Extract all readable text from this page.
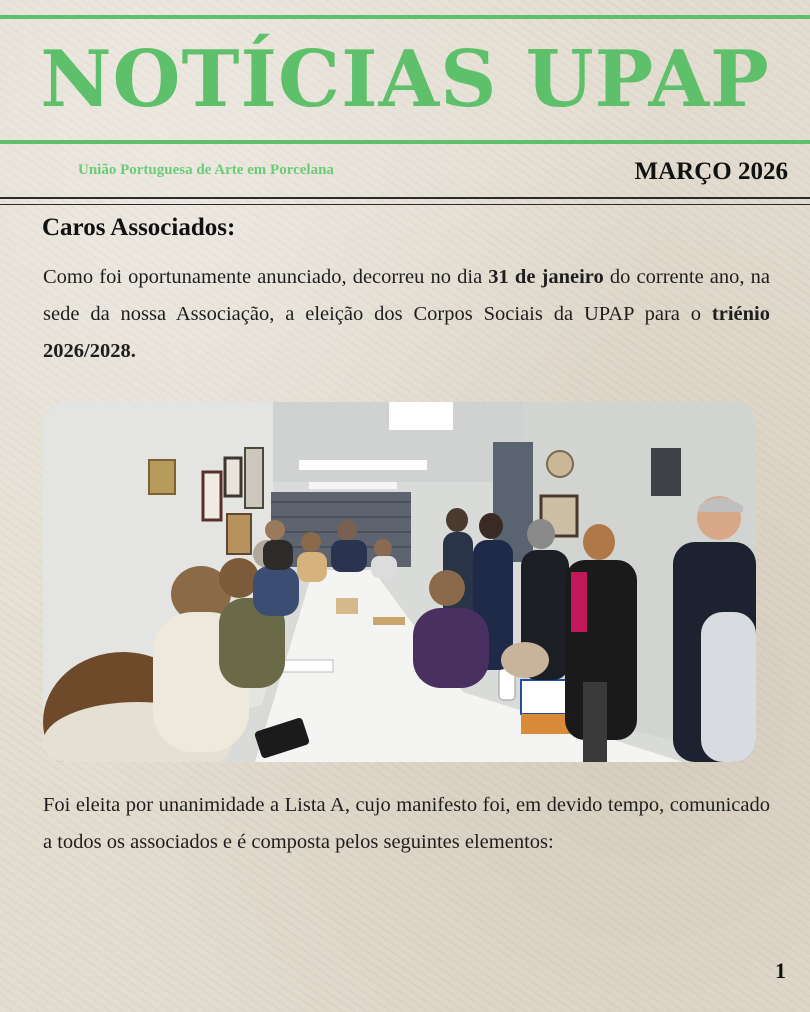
NOTÍCIAS UPAP
União Portuguesa de Arte em Porcelana	MARÇO 2026
Caros Associados:
Como foi oportunamente anunciado, decorreu no dia 31 de janeiro do corrente ano, na sede da nossa Associação, a eleição dos Corpos Sociais da UPAP para o triénio 2026/2028.
Foi eleita por unanimidade a Lista A, cujo manifesto foi, em devido tempo, comunicado a todos os associados e é composta pelos seguintes elementos:
1
